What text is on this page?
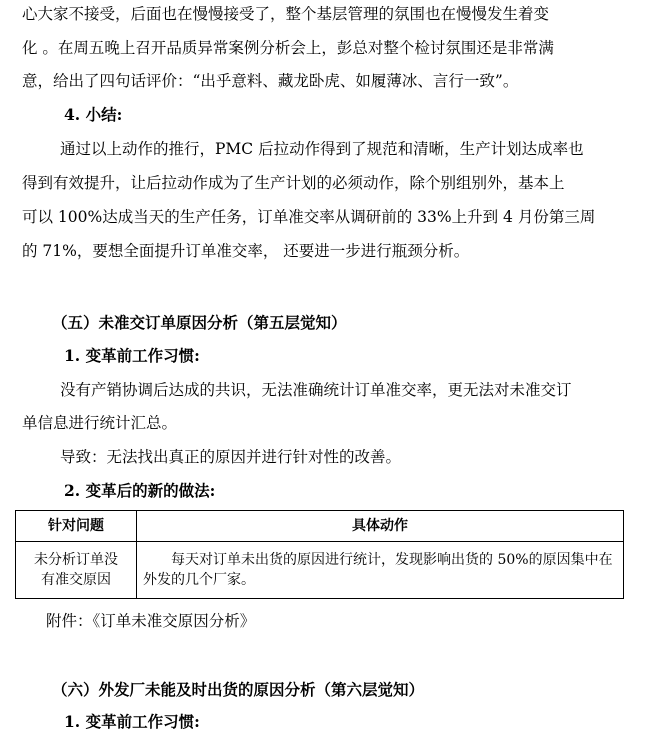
心大家不接受，后面也在慢慢接受了，整个基层管理的氛围也在慢慢发生着变
化 。在周五晚上召开品质异常案例分析会上，彭总对整个检讨氛围还是非常满
意，给出了四句话评价：“出乎意料、藏龙卧虎、如履薄冰、言行一致”。
4. 小结:
通过以上动作的推行，PMC 后拉动作得到了规范和清晰，生产计划达成率也
得到有效提升，让后拉动作成为了生产计划的必须动作，除个别组别外，基本上
可以 100%达成当天的生产任务，订单准交率从调研前的 33%上升到 4 月份第三周
的 71%，要想全面提升订单准交率， 还要进一步进行瓶颈分析。
（五）未准交订单原因分析（第五层觉知）
1. 变革前工作习惯:
没有产销协调后达成的共识，无法准确统计订单准交率，更无法对未准交订
单信息进行统计汇总。
导致：无法找出真正的原因并进行针对性的改善。
2. 变革后的新的做法:
针对问题	具体动作
未分析订单没
有准交原因	每天对订单未出货的原因进行统计，发现影响出货的 50%的原因集中在外发的几个厂家。
附件：《订单未准交原因分析》
（六）外发厂未能及时出货的原因分析（第六层觉知）
1. 变革前工作习惯:
